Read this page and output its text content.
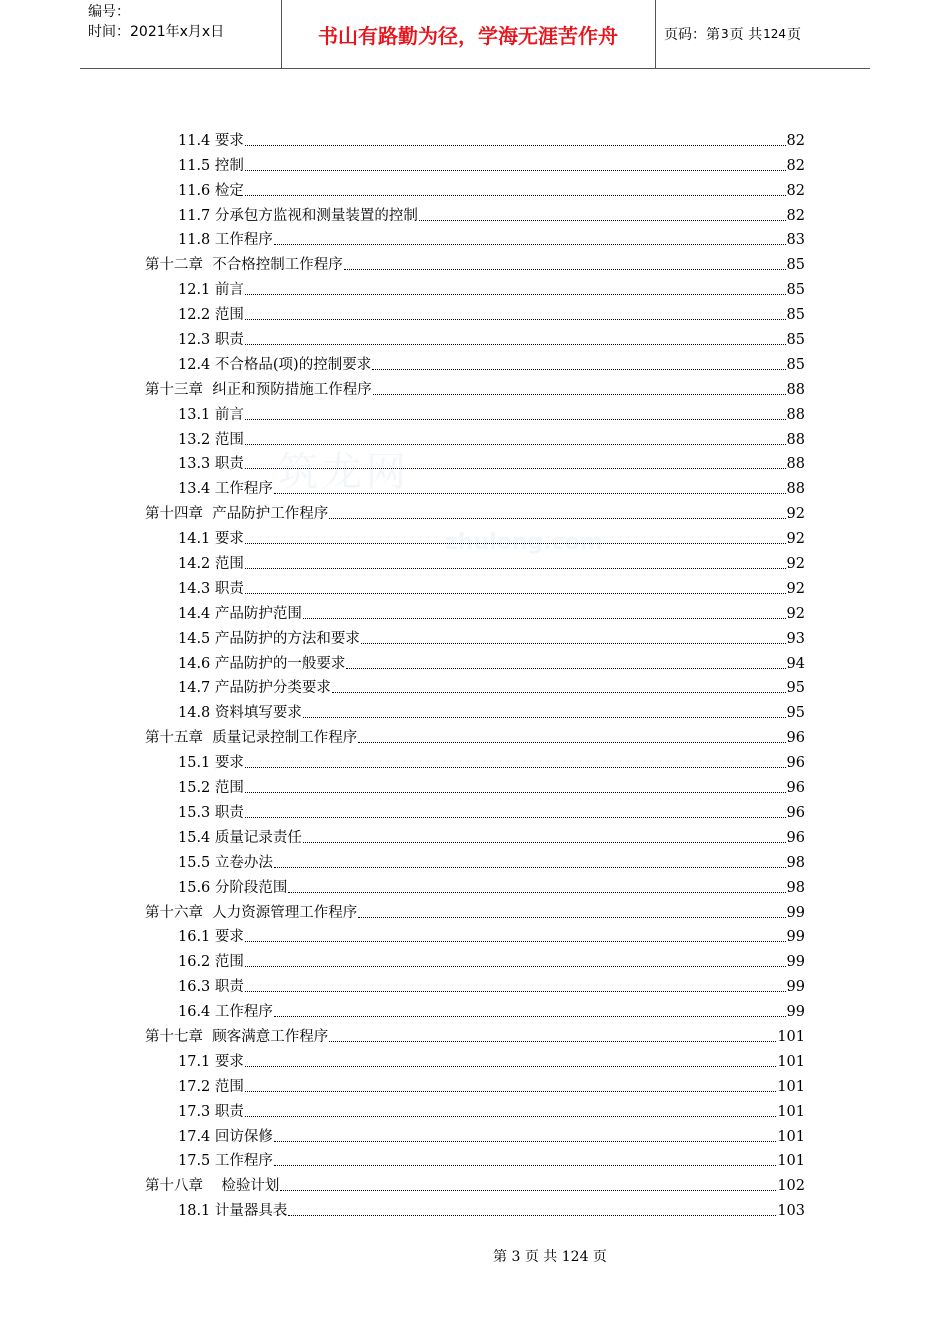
编号：
时间：2021年x月x日	书山有路勤为径，学海无涯苦作舟	页码：第 3 页 共 124 页
筑龙网
zhulong.com
11.4 要求	82
11.5 控制	82
11.6 检定	82
11.7 分承包方监视和测量装置的控制	82
11.8 工作程序	83
第十二章  不合格控制工作程序	85
12.1 前言	85
12.2 范围	85
12.3 职责	85
12.4 不合格品(项)的控制要求	85
第十三章  纠正和预防措施工作程序	88
13.1 前言	88
13.2 范围	88
13.3 职责	88
13.4 工作程序	88
第十四章  产品防护工作程序	92
14.1 要求	92
14.2 范围	92
14.3 职责	92
14.4 产品防护范围	92
14.5 产品防护的方法和要求	93
14.6 产品防护的一般要求	94
14.7 产品防护分类要求	95
14.8 资料填写要求	95
第十五章  质量记录控制工作程序	96
15.1 要求	96
15.2 范围	96
15.3 职责	96
15.4 质量记录责任	96
15.5 立卷办法	98
15.6 分阶段范围	98
第十六章  人力资源管理工作程序	99
16.1 要求	99
16.2 范围	99
16.3 职责	99
16.4 工作程序	99
第十七章  顾客满意工作程序	101
17.1 要求	101
17.2 范围	101
17.3 职责	101
17.4 回访保修	101
17.5 工作程序	101
第十八章    检验计划	102
18.1 计量器具表	103
第 3 页 共 124 页
